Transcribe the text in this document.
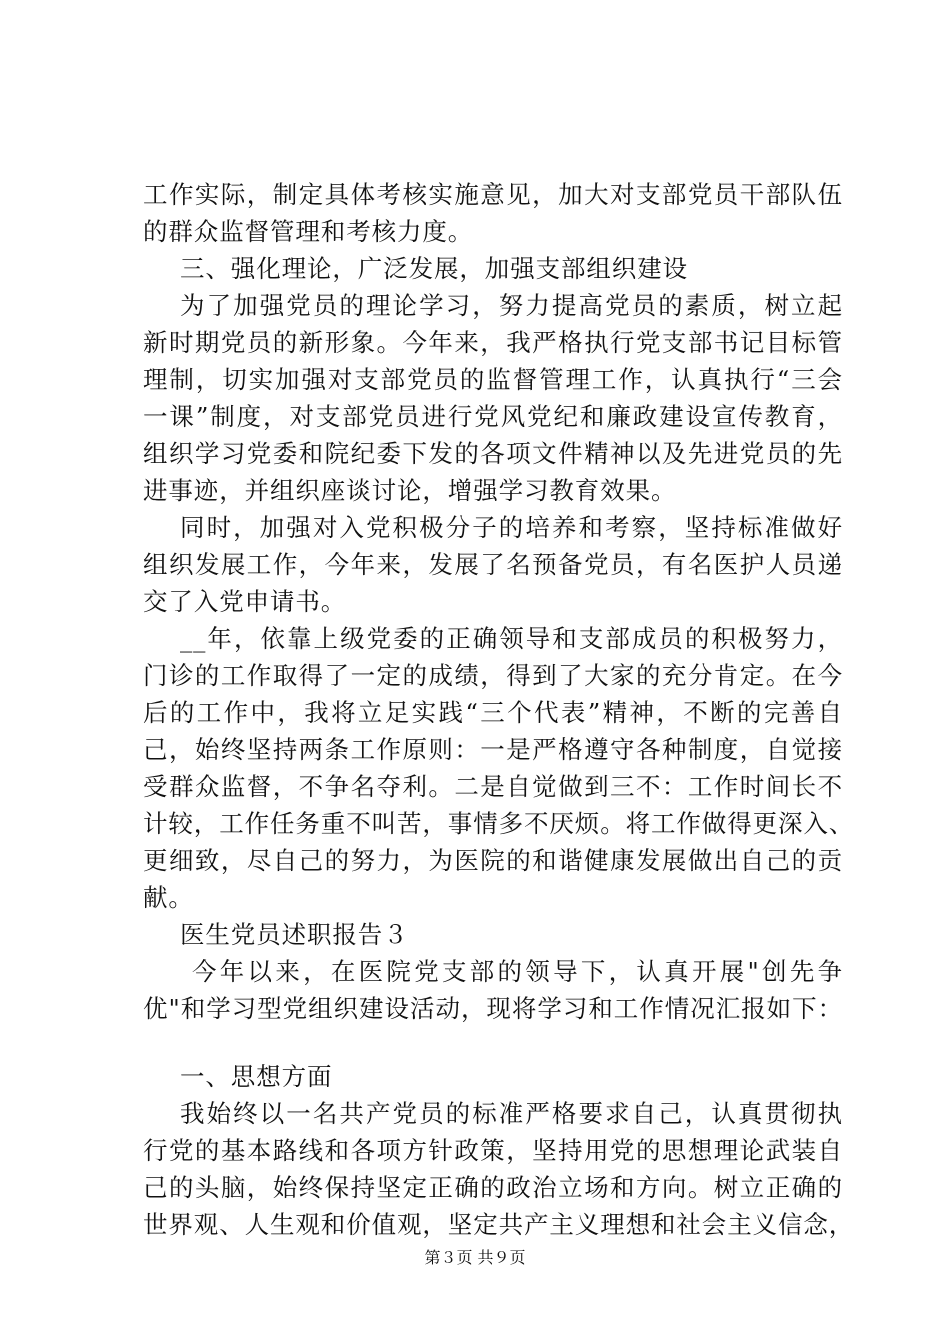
工作实际，制定具体考核实施意见，加大对支部党员干部队伍
的群众监督管理和考核力度。
三、强化理论，广泛发展，加强支部组织建设
为了加强党员的理论学习，努力提高党员的素质，树立起
新时期党员的新形象。今年来，我严格执行党支部书记目标管
理制，切实加强对支部党员的监督管理工作，认真执行“三会
一课”制度，对支部党员进行党风党纪和廉政建设宣传教育，
组织学习党委和院纪委下发的各项文件精神以及先进党员的先
进事迹，并组织座谈讨论，增强学习教育效果。
同时，加强对入党积极分子的培养和考察，坚持标准做好
组织发展工作，今年来，发展了名预备党员，有名医护人员递
交了入党申请书。
__年，依靠上级党委的正确领导和支部成员的积极努力，
门诊的工作取得了一定的成绩，得到了大家的充分肯定。在今
后的工作中，我将立足实践“三个代表”精神，不断的完善自
己，始终坚持两条工作原则：一是严格遵守各种制度，自觉接
受群众监督，不争名夺利。二是自觉做到三不：工作时间长不
计较，工作任务重不叫苦，事情多不厌烦。将工作做得更深入、
更细致，尽自己的努力，为医院的和谐健康发展做出自己的贡
献。
医生党员述职报告３
今年以来，在医院党支部的领导下，认真开展"创先争
优"和学习型党组织建设活动，现将学习和工作情况汇报如下：
一、思想方面
我始终以一名共产党员的标准严格要求自己，认真贯彻执
行党的基本路线和各项方针政策，坚持用党的思想理论武装自
己的头脑，始终保持坚定正确的政治立场和方向。树立正确的
世界观、人生观和价值观，坚定共产主义理想和社会主义信念，
第３页 共９页
